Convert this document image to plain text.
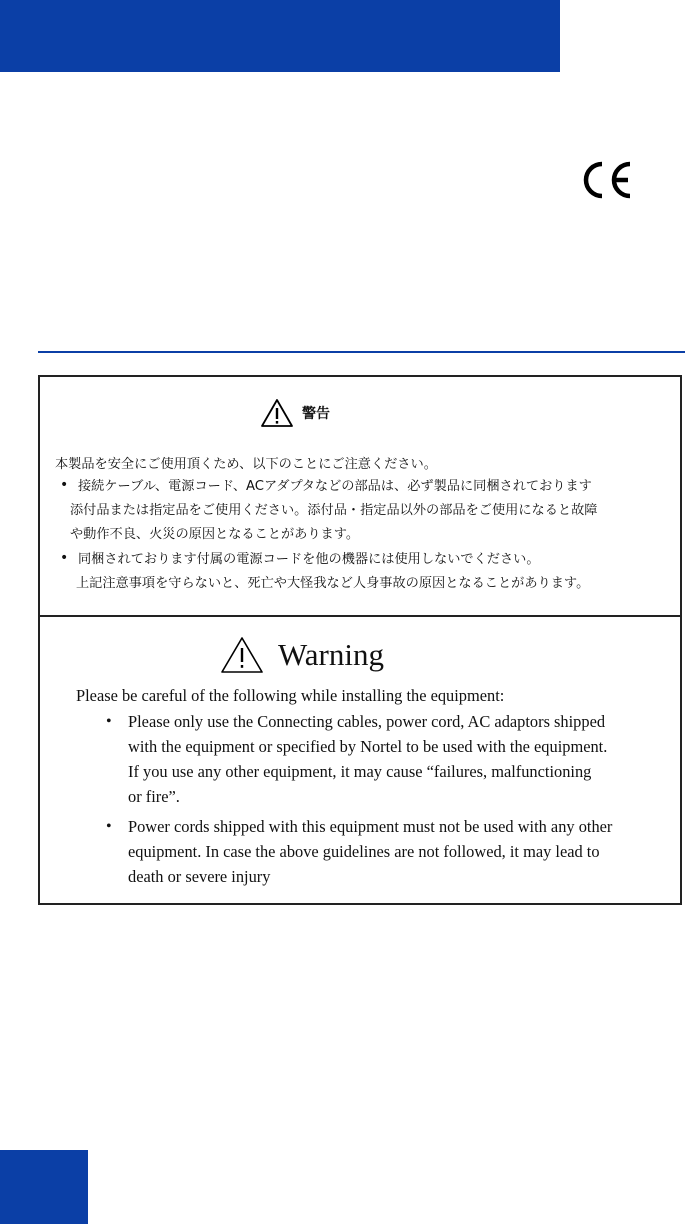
警告
本製品を安全にご使用頂くため、以下のことにご注意ください。
• 接続ケーブル、電源コード、ACアダプタなどの部品は、必ず製品に同梱されております
添付品または指定品をご使用ください。添付品・指定品以外の部品をご使用になると故障
や動作不良、火災の原因となることがあります。
• 同梱されております付属の電源コードを他の機器には使用しないでください。
上記注意事項を守らないと、死亡や大怪我など人身事故の原因となることがあります。
Warning
Please be careful of the following while installing the equipment:
• Please only use the Connecting cables, power cord, AC adaptors shipped
with the equipment or specified by Nortel to be used with the equipment.
If you use any other equipment, it may cause “failures, malfunctioning
or fire”.
• Power cords shipped with this equipment must not be used with any other
equipment. In case the above guidelines are not followed, it may lead to
death or severe injury
